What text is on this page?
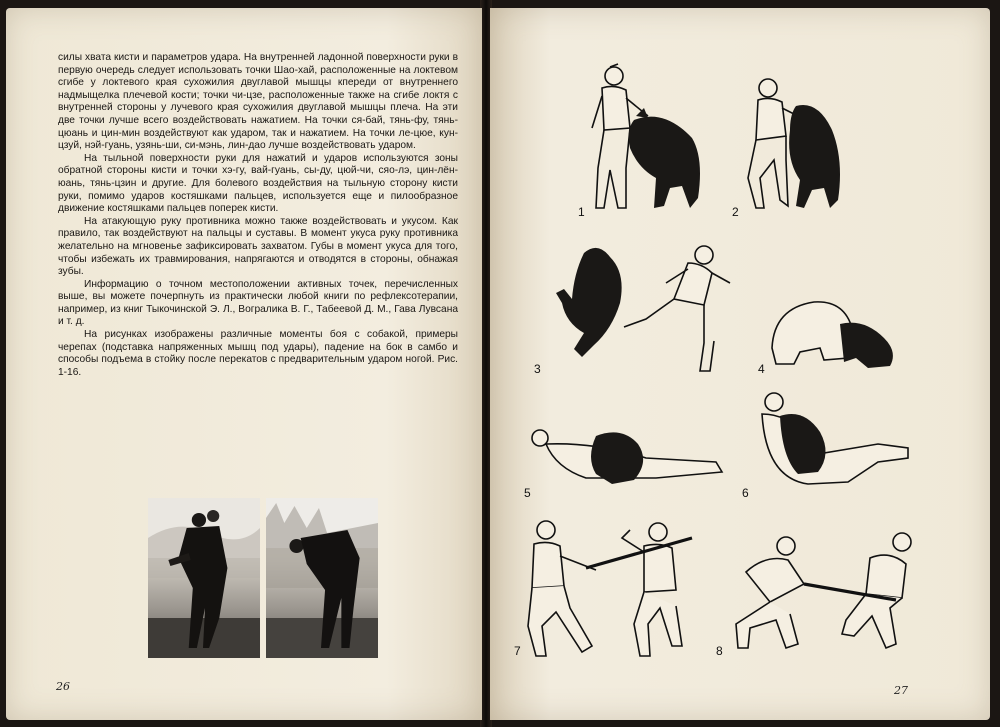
силы хвата кисти и параметров удара. На внутренней ладонной поверхности руки в первую очередь следует использовать точки Шао-хай, расположенные на локтевом сгибе у локтевого края сухожилия двуглавой мышцы кпереди от внутреннего надмыщелка плечевой кости; точки чи-цзе, расположенные также на сгибе локтя с внутренней стороны у лучевого края сухожилия двуглавой мышцы плеча. На эти две точки лучше всего воздействовать нажатием. На точки ся-бай, тянь-фу, тянь-цюань и цин-мин воздействуют как ударом, так и нажатием. На точки ле-цюе, кун-цзуй, нэй-гуань, узянь-ши, си-мэнь, лин-дао лучше воздействовать ударом.

На тыльной поверхности руки для нажатий и ударов используются зоны обратной стороны кисти и точки хэ-гу, вай-гуань, сы-ду, цюй-чи, сяо-лэ, цин-лён-юань, тянь-цзин и другие. Для болевого воздействия на тыльную сторону кисти руки, помимо ударов костяшками пальцев, используется еще и пилообразное движение костяшками пальцев поперек кисти.

На атакующую руку противника можно также воздействовать и укусом. Как правило, так воздействуют на пальцы и суставы. В момент укуса руку противника желательно на мгновенье зафиксировать захватом. Губы в момент укуса для того, чтобы избежать их травмирования, напрягаются и отводятся в стороны, обнажая зубы.

Информацию о точном местоположении активных точек, перечисленных выше, вы можете почерпнуть из практически любой книги по рефлексотерапии, например, из книг Тыкочинской Э. Л., Вогралика В. Г., Табеевой Д. М., Гава Лувсана и т. д.

На рисунках изображены различные моменты боя с собакой, примеры черепах (подставка напряженных мышц под удары), падение на бок в самбо и способы подъема в стойку после перекатов с предварительным ударом ногой. Рис. 1-16.

26
1	2
3	4
5	6
7	8
27
